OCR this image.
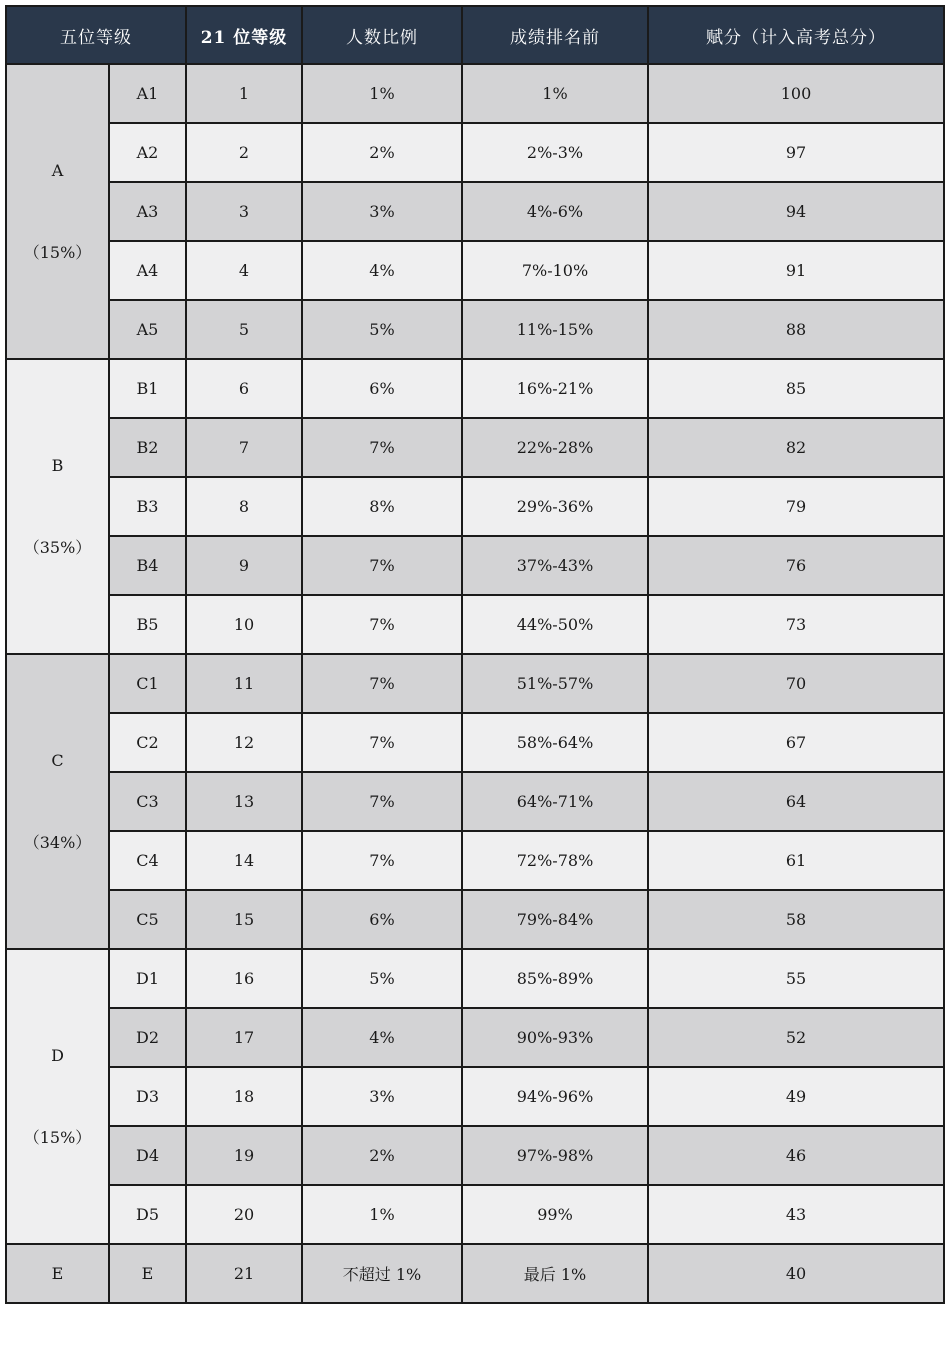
五位等级		21 位等级	人数比例	成绩排名前	赋分（计入高考总分）

A
（15%）	A1	1	1%	1%	100
	A2	2	2%	2%-3%	97
	A3	3	3%	4%-6%	94
	A4	4	4%	7%-10%	91
	A5	5	5%	11%-15%	88

B
（35%）	B1	6	6%	16%-21%	85
	B2	7	7%	22%-28%	82
	B3	8	8%	29%-36%	79
	B4	9	7%	37%-43%	76
	B5	10	7%	44%-50%	73

C
（34%）	C1	11	7%	51%-57%	70
	C2	12	7%	58%-64%	67
	C3	13	7%	64%-71%	64
	C4	14	7%	72%-78%	61
	C5	15	6%	79%-84%	58

D
（15%）	D1	16	5%	85%-89%	55
	D2	17	4%	90%-93%	52
	D3	18	3%	94%-96%	49
	D4	19	2%	97%-98%	46
	D5	20	1%	99%	43
E	E	21	不超过 1%	最后 1%	40
